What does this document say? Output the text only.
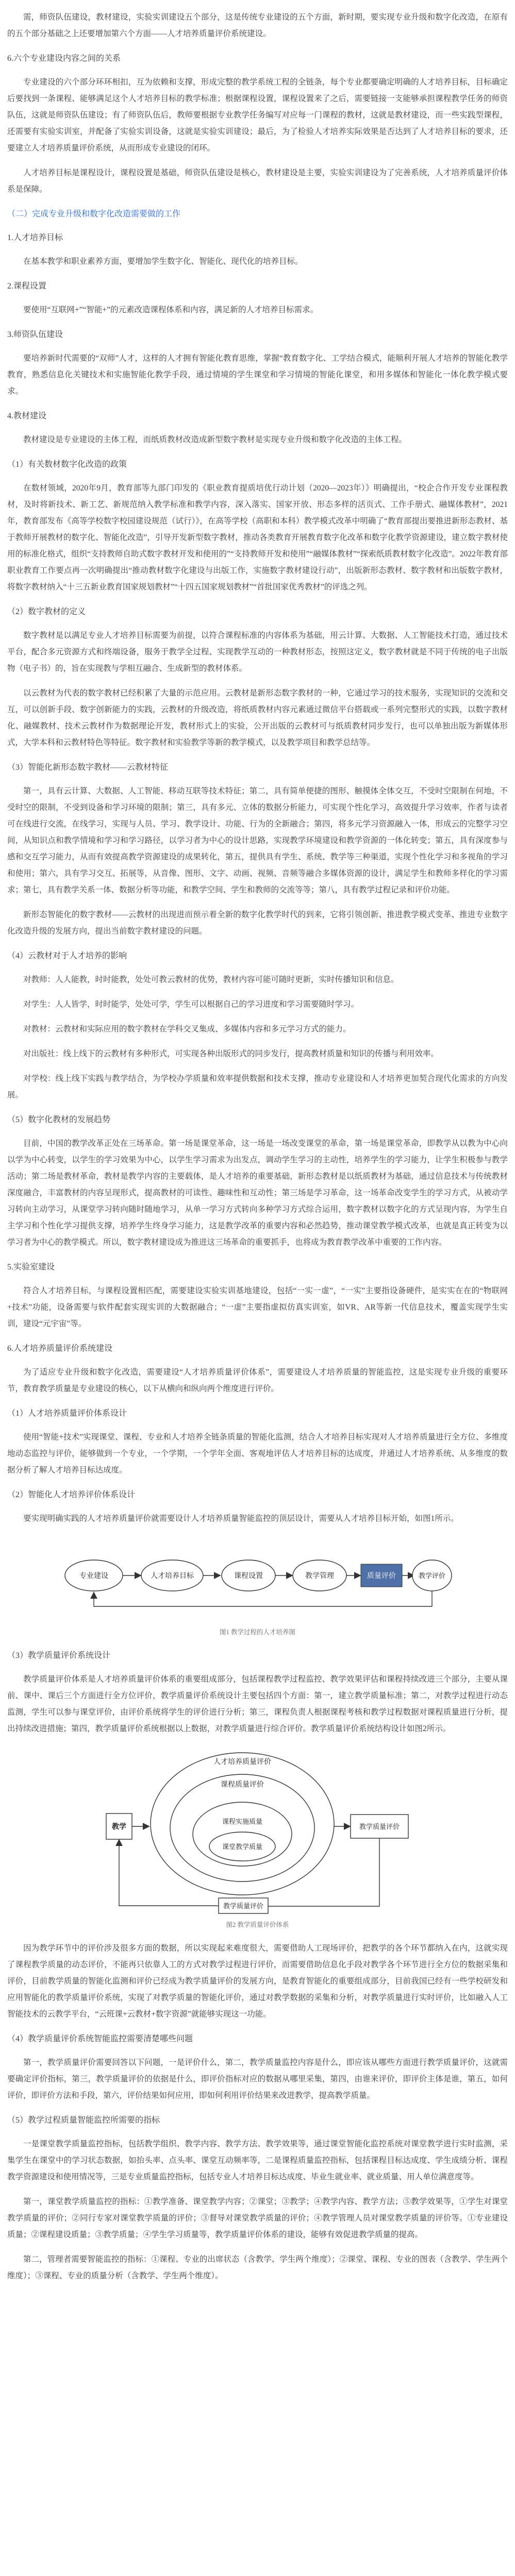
需，师资队伍建设，教材建设，实验实训建设五个部分，这是传统专业建设的五个方面，新时期，要实现专业升级和数字化改造，在原有的五个部分基础之上还要增加第六个方面——人才培养质量评价系统建设。

6.六个专业建设内容之间的关系

专业建设的六个部分环环相扣，互为依赖和支撑，形成完整的教学系统工程的全链条，每个专业都要确定明确的人才培养目标，目标确定后要找到一条课程、能够满足这个人才培养目标的教学标准；根据课程设置，课程设置来了之后，需要链接一支能够承担课程教学任务的师资队伍，这就是师资队伍建设；有了师资队伍后，教师要根据专业教学任务编写对应每一门课程的教材，这就是教材建设，而一些实践型课程，还需要有实验实训室，并配备了实验实训设备，这就是实验实训建设；最后，为了检验人才培养实际效果是否达到了人才培养目标的要求，还要建立人才培养质量评价系统，从而形成专业建设的闭环。

人才培养目标是课程设计，课程设置是基础，师资队伍建设是核心，教材建设是主要，实验实训建设为了完善系统，人才培养质量评价体系是保障。

（二）完成专业升级和数字化改造需要做的工作

1.人才培养目标

在基本教学和职业素养方面，要增加学生数字化、智能化、现代化的培养目标。

2.课程设置

要使用“互联网+”“智能+”的元素改造课程体系和内容，满足新的人才培养目标需求。

3.师资队伍建设

要培养新时代需要的“双师”人才，这样的人才拥有智能化教育思维，掌握“教育数字化、工学结合模式，能顺利开展人才培养的智能化教学教育，熟悉信息化关键技术和实施智能化教学手段，通过情境的学生课堂和学习情境的智能化课堂，和用多媒体和智能化一体化教学模式要求。

4.教材建设

教材建设是专业建设的主体工程，而纸质教材改造成新型数字教材是实现专业升级和数字化改造的主体工程。

（1）有关数材数字化改造的政策

在数材领域，2020年9月，教育部等九部门印发的《职业教育提质培优行动计划（2020—2023年）》明确提出，“校企合作开发专业课程教材，及时将新技术、新工艺、新规范纳入教学标准和教学内容，深入落实、国家开放、形态多样的活页式、工作手册式、融媒体教材”，2021年，教育部发布《高等学校数字校园建设规范（试行）》，在高等学校（高职和本科）教学模式改革中明确了“教育部提出要推进新形态教材、基于教师开展教材的数字化、智能化改造”，引导开发新型数字教材，推动各类教育开展教育数字化改革和数字化教学资源建设，建立数字教材使用的标准化格式，组织“支持教师自助式数字教材开发和使用的”“支持教师开发和使用”“融媒体教材”“探索纸质教材数字化改造”。2022年教育部职业教育工作要点再一次明确提出“推动教材数字化建设与出版工作，实施数字教材建设行动”，出版新形态教材、数字教材和出版数字教材，将数字教材纳入“十三五新业教育国家规划教材”“十四五国家规划教材”“首批国家优秀教材”的评选之列。

（2）数字教材的定义

数字教材是以满足专业人才培养目标需要为前提，以符合课程标准的内容体系为基础，用云计算、大数据、人工智能技术打造，通过技术平台，配合多元资源方式和终端设备，服务于教学全过程、实现教学互动的一种教材形态，按照这定义，数字教材就是不同于传统的电子出版物（电子书）的，旨在实现教与学相互融合、生成新型的教材体系。

以云教材为代表的数字教材已经积累了大量的示范应用。云教材是新形态数字教材的一种，它通过学习的技术服务，实现知识的交流和交互，可以创新手段、数字创新能力的实践，云教材的升级改造，将纸质教材内容元素通过微信平台搭载或一系列完整形式的实践，以数字教材化、融媒教材、技术云教材作为数据理论开发，教材形式上的实验，公开出版的云教材可与纸质教材同步发行，也可以单独出版为新媒体形式，大学本科和云教材特色等特征。数字教材和实验教学等新的教学模式，以及教学项目和教学总结等。

（3）智能化新形态数字教材——云教材特征

第一，具有云计算、大数据、人工智能、移动互联等技术特征；第二，具有简单便捷的图形、触摸体全体交互，不受时空限制在何地，不受时空的限制，不受到设备和学习环境的限制；第三，具有多元、立体的数据分析能力，可实现个性化学习，高效提升学习效率，作者与读者可在线进行交流，在线学习，实现与人员、学习、教学设计、功能、行为的全新融合；第四，将多元学习资源融入一体，形成云的完整学习空间，从知识点和教学情境和学习和学习路径，以学习者为中心的设计思路，实现教学环境建设和教学资源的一体化转变；第五，具有深度参与感和交互学习能力，从而有效提高教学资源建设的成果转化，第五，提供具有学生、系统、教学等三种渠道，实现个性化学习和多视角的学习和使用；第六，具有学习交互、拓展等，从音像、图形、文字、动画、视频、音频等融合多媒体资源的设计，满足学生和教师多样化的学习需求；第七，具有教学关系一体、数据分析等功能，和教学空间、学生和教师的交流等等；第八，具有教学过程记录和评价功能。

新形态智能化的数字教材——云教材的出现进而预示着全新的数字化教学时代的到来，它将引领创新、推进教学模式变革、推进专业数字化改造升级的发展方向，提出当前数字教材建设的问题。

（4）云教材对于人才培养的影响

对教师：人人能教，时时能教，处处可教云教材的优势，教材内容可能可随时更新，实时传播知识和信息。

对学生：人人皆学，时时能学，处处可学，学生可以根据自己的学习进度和学习需要随时学习。

对教材：云教材和实际应用的数字教材在学科交叉集成、多媒体内容和多元学习方式的能力。

对出版社：线上线下的云教材有多种形式，可实现各种出版形式的同步发行，提高教材质量和知识的传播与利用效率。

对学校：线上线下实践与教学结合，为学校办学质量和效率提供数据和技术支撑，推动专业建设和人才培养更加契合现代化需求的方向发展。

（5）数字化教材的发展趋势

目前，中国的教学改革正处在三场革命。第一场是课堂革命，这一场是一场改变课堂的革命，第一场是课堂革命，即教学从以教为中心向以学为中心转变，以学生的学习效果为中心，以学生学习需求为出发点，调动学生学习的主动性，培养学生的学习能力，让学生积极参与教学活动；第二场是教材革命，教材是教学内容的主要载体，是人才培养的重要基础，新形态教材是以纸质教材为基础，通过信息技术与传统教材深度融合，丰富教材的内容呈现形式，提高教材的可读性、趣味性和互动性；第三场是学习革命，这一场革命改变学生的学习方式，从被动学习转向主动学习，从课堂学习转向随时随地学习，从单一学习方式转向多种学习方式综合运用，数字教材以数字化的方式呈现内容，为学生自主学习和个性化学习提供支撑，培养学生终身学习能力，这是教学改革的重要内容和必然趋势，推动课堂教学模式改革，也就是真正转变为以学习者为中心的教学模式。所以，数字教材建设成为推进这三场革命的重要抓手，也将成为教育教学改革中重要的工作内容。

5.实验室建设

符合人才培养目标，与课程设置相匹配，需要建设实验实训基地建设，包括“一实一虚”，“一实”主要指设备硬件，是实实在在的“物联网+技术”功能，设备需要与软件配套实现实训的大数据融合；“一虚”主要指虚拟仿真实训室，如VR、AR等新一代信息技术，覆盖实现学生实训，建设“元宇宙”等。

6.人才培养质量评价系统建设

为了适应专业升级和数字化改造，需要建设“人才培养质量评价体系”，需要建设人才培养质量的智能监控，这是实现专业升级的重要环节，教育教学质量是专业建设的核心，以下从横向和纵向两个维度进行评价。

（1）人才培养质量评价体系设计

使用“智能+技术”实现课堂、课程、专业和人才培养全链条质量的智能化监测，结合人才培养目标实现对人才培养质量进行全方位、多维度地动态监控与评价，能够做到一个专业，一个学期，一个学年全面、客观地评估人才培养目标的达成度，并通过人才培养系统、从多维度的数据分析了解人才培养目标达成度。

（2）智能化人才培养评价体系设计

要实现明确实践的人才培养质量评价就需要设计人才培养质量智能监控的顶层设计，需要从人才培养目标开始，如图1所示。

专业建设	人才培养目标	课程设置	教学管理	质量评价	教学评价
图1 教学过程的人才培养图

（3）教学质量评价系统设计

教学质量评价体系是人才培养质量评价体系的重要组成部分，包括课程教学过程监控、教学效果评估和课程持续改进三个部分，主要从课前、课中、课后三个方面进行全方位评价，教学质量评价系统设计主要包括四个方面：第一，建立教学质量标准；第二，对教学过程进行动态监测，学生可以参与课堂评价，由评价系统将学生的评价进行分析；第三，课程负责人根据课程考核和教学过程数据对课程质量进行分析，提出持续改进措施；第四，教学质量评价系统根据以上数据，对教学质量进行综合评价。教学质量评价系统结构设计如图2所示。

教学
人才培养质量评价
课程质量评价
课程实施质量
课堂教学质量
教学质量评价
教学质量评价
图2 教学质量评价体系

因为教学环节中的评价涉及很多方面的数据，所以实现起来难度很大，需要借助人工现场评价，把教学的各个环节都纳入在内，这就实现了课程教学质量的动态评价，不能再只依靠人工的方式对教学过程进行评价，而需要借助信息化手段对教学各个环节进行全方位的数据采集和评价，目前教学质量的智能化监测和评价已经成为教学质量评价的发展方向，是教育智能化的重要组成部分，目前我国已经有一些学校研发和应用智能化的教学质量评价系统，实现了对教学质量的智能化评价，通过对教学数据的采集和分析，对教学质量进行实时评价，比如融入人工智能技术的云教学平台，“云班课+云教材+数字资源”就能够实现这一功能。

（4）教学质量评价系统智能监控需要清楚哪些问题

第一，教学质量评价需要回答以下问题，一是评价什么，第二，教学质量监控内容是什么，即应该从哪些方面进行教学质量评价，这就需要确定评价指标，第三，教学质量评价的依据是什么，即评价指标对应的数据从哪里采集，第四，由谁来评价，即评价主体是谁，第五，如何评价，即评价方法和手段，第六，评价结果如何应用，即如何利用评价结果来改进教学，提高教学质量。

（5）教学过程质量智能监控所需要的指标

一是课堂教学质量监控指标，包括教学组织、教学内容、教学方法、教学效果等，通过课堂智能化监控系统对课堂教学进行实时监测，采集学生在课堂中的学习状态数据，如抬头率、点头率、课堂互动频率等，二是课程质量监控指标，包括课程目标达成度、学生成绩分析、课程教学资源建设和使用情况等，三是专业质量监控指标，包括专业人才培养目标达成度、毕业生就业率、就业质量、用人单位满意度等。

第一，课堂教学质量监控的指标：①教学准备、课堂教学内容；②课堂；③教学；④教学内容、教学方法；⑤教学效果等，①学生对课堂教学质量的评价；②同行专家对课堂教学质量的评价；③督导对课堂教学质量的评价；④教学管理人员对课堂教学质量的评价等。①专业建设质量；②课程建设质量；③教学质量；④学生学习质量等，教学质量评价体系的建设，能够有效促进教学质量的提高。

第二，管理者需要智能监控的指标：①课程、专业的出席状态（含教学、学生两个维度）；②课堂、课程、专业的图表（含教学、学生两个维度）；③课程、专业的质量分析（含教学、学生两个维度）。
